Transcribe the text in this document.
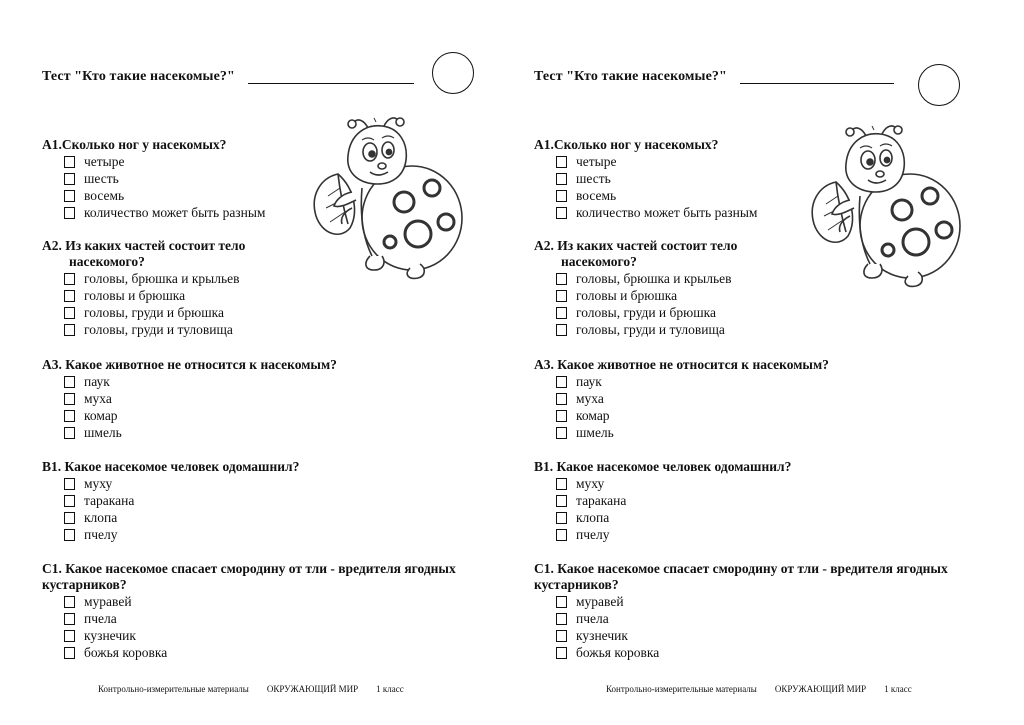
Тест "Кто такие насекомые?"
А1.Сколько ног у насекомых?
четыре
шесть
восемь
количество может быть разным
А2. Из каких частей состоит тело
насекомого?
головы, брюшка и крыльев
головы и брюшка
головы, груди и брюшка
головы, груди и туловища
А3. Какое животное не относится к насекомым?
паук
муха
комар
шмель
В1. Какое насекомое человек одомашнил?
муху
таракана
клопа
пчелу
С1. Какое насекомое спасает смородину от тли - вредителя ягодных кустарников?
муравей
пчела
кузнечик
божья коровка
Контрольно-измерительные материалы ОКРУЖАЮЩИЙ МИР 1 класс
Тест "Кто такие насекомые?"
А1.Сколько ног у насекомых?
четыре
шесть
восемь
количество может быть разным
А2. Из каких частей состоит тело
насекомого?
головы, брюшка и крыльев
головы и брюшка
головы, груди и брюшка
головы, груди и туловища
А3. Какое животное не относится к насекомым?
паук
муха
комар
шмель
В1. Какое насекомое человек одомашнил?
муху
таракана
клопа
пчелу
С1. Какое насекомое спасает смородину от тли - вредителя ягодных кустарников?
муравей
пчела
кузнечик
божья коровка
Контрольно-измерительные материалы ОКРУЖАЮЩИЙ МИР 1 класс
